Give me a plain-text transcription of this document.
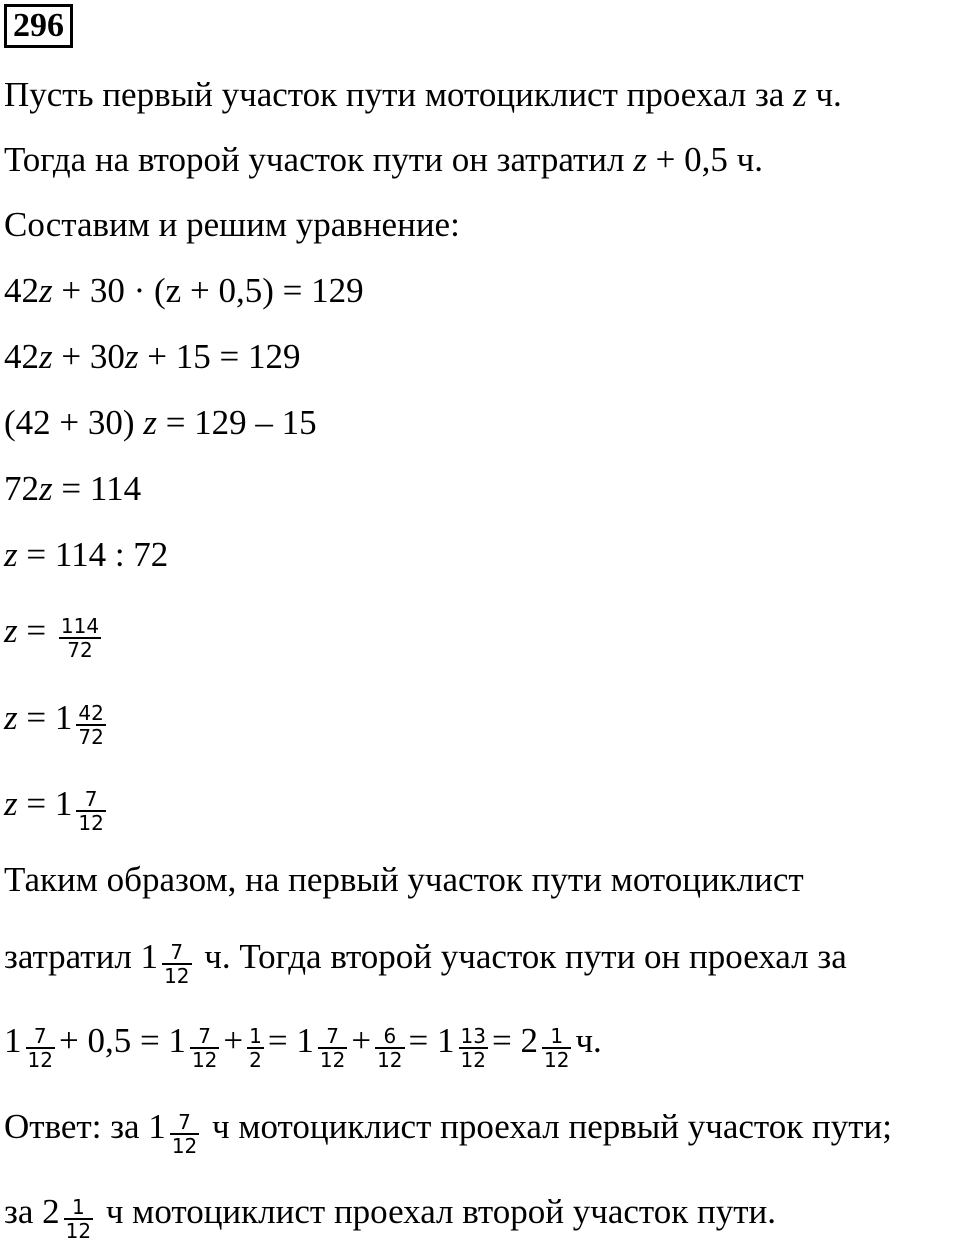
296
Пусть первый участок пути мотоциклист проехал за z ч.
Тогда на второй участок пути он затратил z + 0,5 ч.
Составим и решим уравнение:
42z + 30 · (z + 0,5) = 129
42z + 30z + 15 = 129
(42 + 30) z = 129 – 15
72z = 114
z = 114 : 72
$z = \frac{114}{72}$
$z = 1 \frac{42}{72}$
$z = 1 \frac{7}{12}$
Таким образом, на первый участок пути мотоциклист
затратил $1 \frac{7}{12} ч$. Тогда второй участок пути он проехал за
$1 \frac{7}{12} + 0,5 = 1 \frac{7}{12} + \frac{1}{2} = 1 \frac{7}{12} + \frac{6}{12} = 1 \frac{13}{12} = 2 \frac{1}{12} ч$.
Ответ: за $1 \frac{7}{12}$ ч мотоциклист проехал первый участок пути;
за $2 \frac{1}{12}$ ч мотоциклист проехал второй участок пути.
